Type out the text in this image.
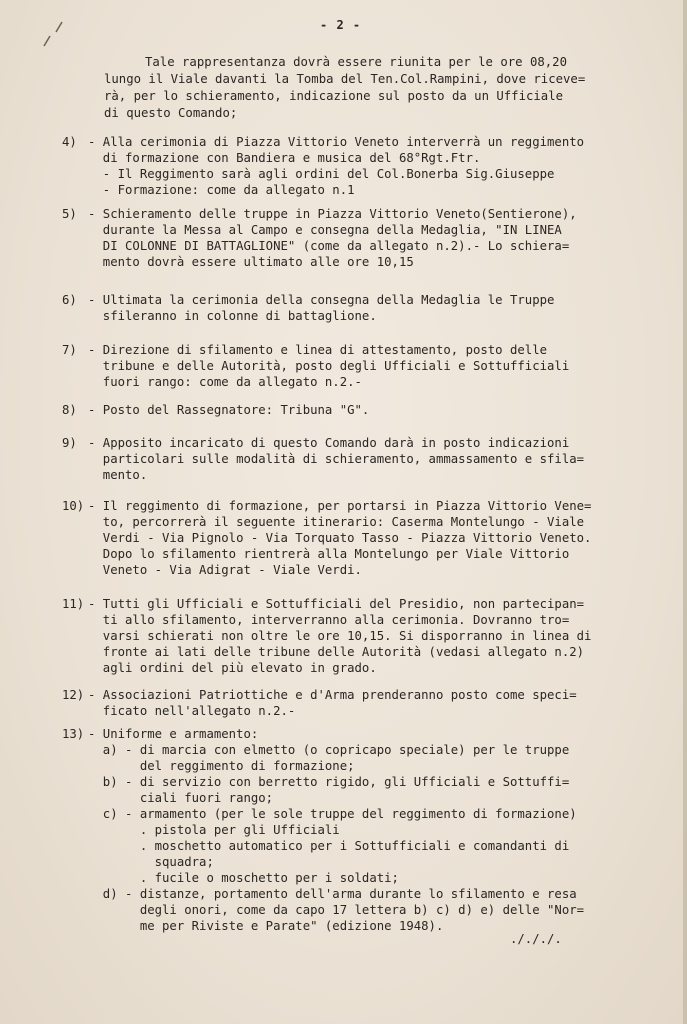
- 2 -
Tale rappresentanza dovrà essere riunita per le ore 08,20
lungo il Viale davanti la Tomba del Ten.Col.Rampini, dove riceve=
rà, per lo schieramento, indicazione sul posto da un Ufficiale
di questo Comando;
4) - Alla cerimonia di Piazza Vittorio Veneto interverrà un reggimento
di formazione con Bandiera e musica del 68°Rgt.Ftr.
- Il Reggimento sarà agli ordini del Col.Bonerba Sig.Giuseppe
- Formazione: come da allegato n.1
5) - Schieramento delle truppe in Piazza Vittorio Veneto(Sentierone),
durante la Messa al Campo e consegna della Medaglia, "IN LINEA
DI COLONNE DI BATTAGLIONE" (come da allegato n.2).- Lo schiera=
mento dovrà essere ultimato alle ore 10,15
6) - Ultimata la cerimonia della consegna della Medaglia le Truppe
sfileranno in colonne di battaglione.
7) - Direzione di sfilamento e linea di attestamento, posto delle
tribune e delle Autorità, posto degli Ufficiali e Sottufficiali
fuori rango: come da allegato n.2.-
8) - Posto del Rassegnatore: Tribuna "G".
9) - Apposito incaricato di questo Comando darà in posto indicazioni
particolari sulle modalità di schieramento, ammassamento e sfila=
mento.
10) - Il reggimento di formazione, per portarsi in Piazza Vittorio Vene=
to, percorrerà il seguente itinerario: Caserma Montelungo - Viale
Verdi - Via Pignolo - Via Torquato Tasso - Piazza Vittorio Veneto.
Dopo lo sfilamento rientrerà alla Montelungo per Viale Vittorio
Veneto - Via Adigrat - Viale Verdi.
11) - Tutti gli Ufficiali e Sottufficiali del Presidio, non partecipan=
ti allo sfilamento, interverranno alla cerimonia. Dovranno tro=
varsi schierati non oltre le ore 10,15. Si disporranno in linea di
fronte ai lati delle tribune delle Autorità (vedasi allegato n.2)
agli ordini del più elevato in grado.
12) - Associazioni Patriottiche e d'Arma prenderanno posto come speci=
ficato nell'allegato n.2.-
13) - Uniforme e armamento:
a) - di marcia con elmetto (o copricapo speciale) per le truppe
del reggimento di formazione;
b) - di servizio con berretto rigido, gli Ufficiali e Sottuffi=
ciali fuori rango;
c) - armamento (per le sole truppe del reggimento di formazione)
. pistola per gli Ufficiali
. moschetto automatico per i Sottufficiali e comandanti di
squadra;
. fucile o moschetto per i soldati;
d) - distanze, portamento dell'arma durante lo sfilamento e resa
degli onori, come da capo 17 lettera b) c) d) e) delle "Nor=
me per Riviste e Parate" (edizione 1948).
./././.
